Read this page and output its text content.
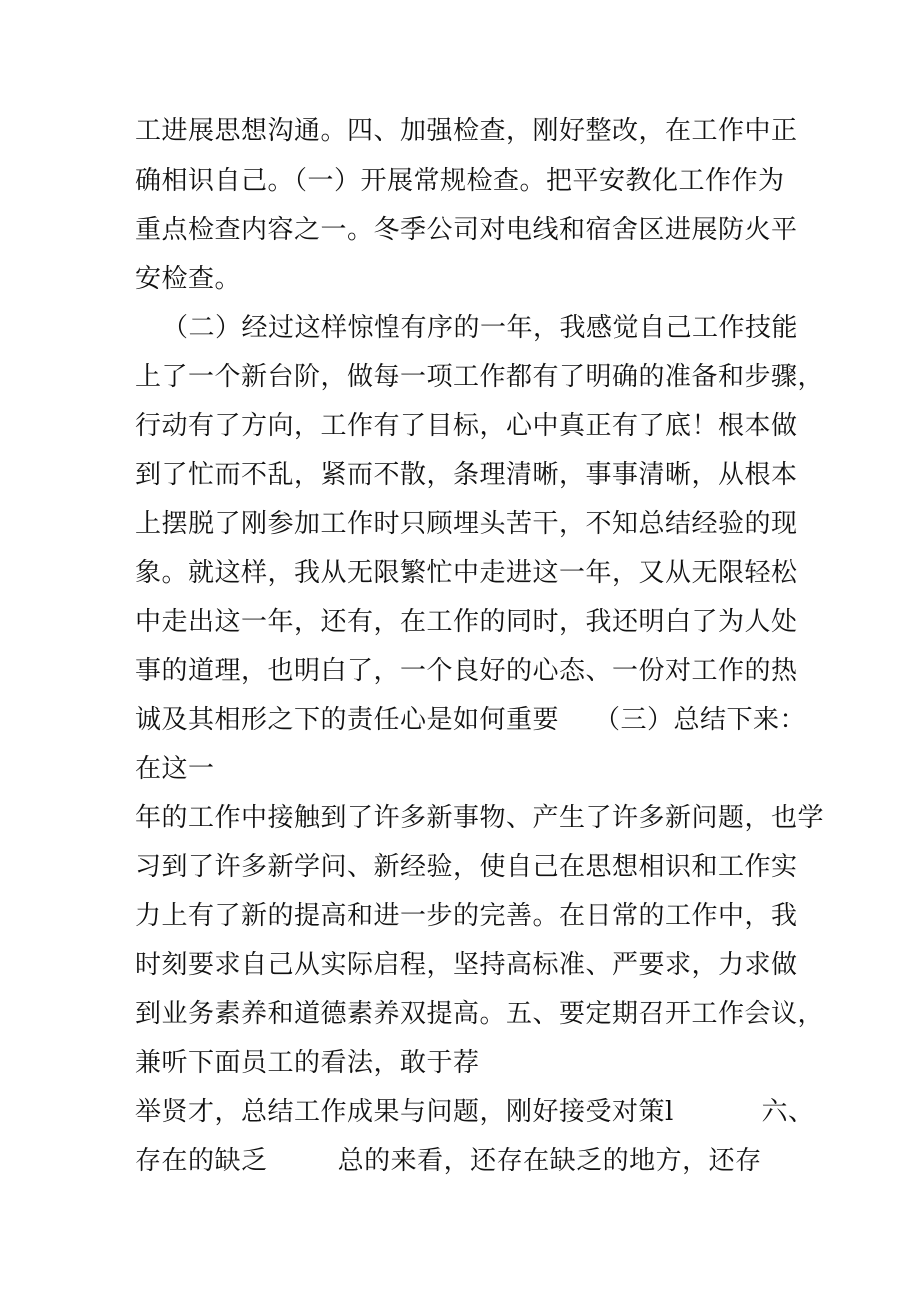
工进展思想沟通。四、加强检查，刚好整改，在工作中正
确相识自己。（一）开展常规检查。把平安教化工作作为
重点检查内容之一。冬季公司对电线和宿舍区进展防火平
安检查。
（二）经过这样惊惶有序的一年，我感觉自己工作技能
上了一个新台阶，做每一项工作都有了明确的准备和步骤，
行动有了方向，工作有了目标，心中真正有了底！根本做
到了忙而不乱，紧而不散，条理清晰，事事清晰，从根本
上摆脱了刚参加工作时只顾埋头苦干，不知总结经验的现
象。就这样，我从无限繁忙中走进这一年，又从无限轻松
中走出这一年，还有，在工作的同时，我还明白了为人处
事的道理，也明白了，一个良好的心态、一份对工作的热
诚及其相形之下的责任心是如何重要    （三）总结下来：
在这一
年的工作中接触到了许多新事物、产生了许多新问题，也学
习到了许多新学问、新经验，使自己在思想相识和工作实
力上有了新的提高和进一步的完善。在日常的工作中，我
时刻要求自己从实际启程，坚持高标准、严要求，力求做
到业务素养和道德素养双提高。五、要定期召开工作会议，
兼听下面员工的看法，敢于荐
举贤才，总结工作成果与问题，刚好接受对策l          六、
存在的缺乏        总的来看，还存在缺乏的地方，还存
